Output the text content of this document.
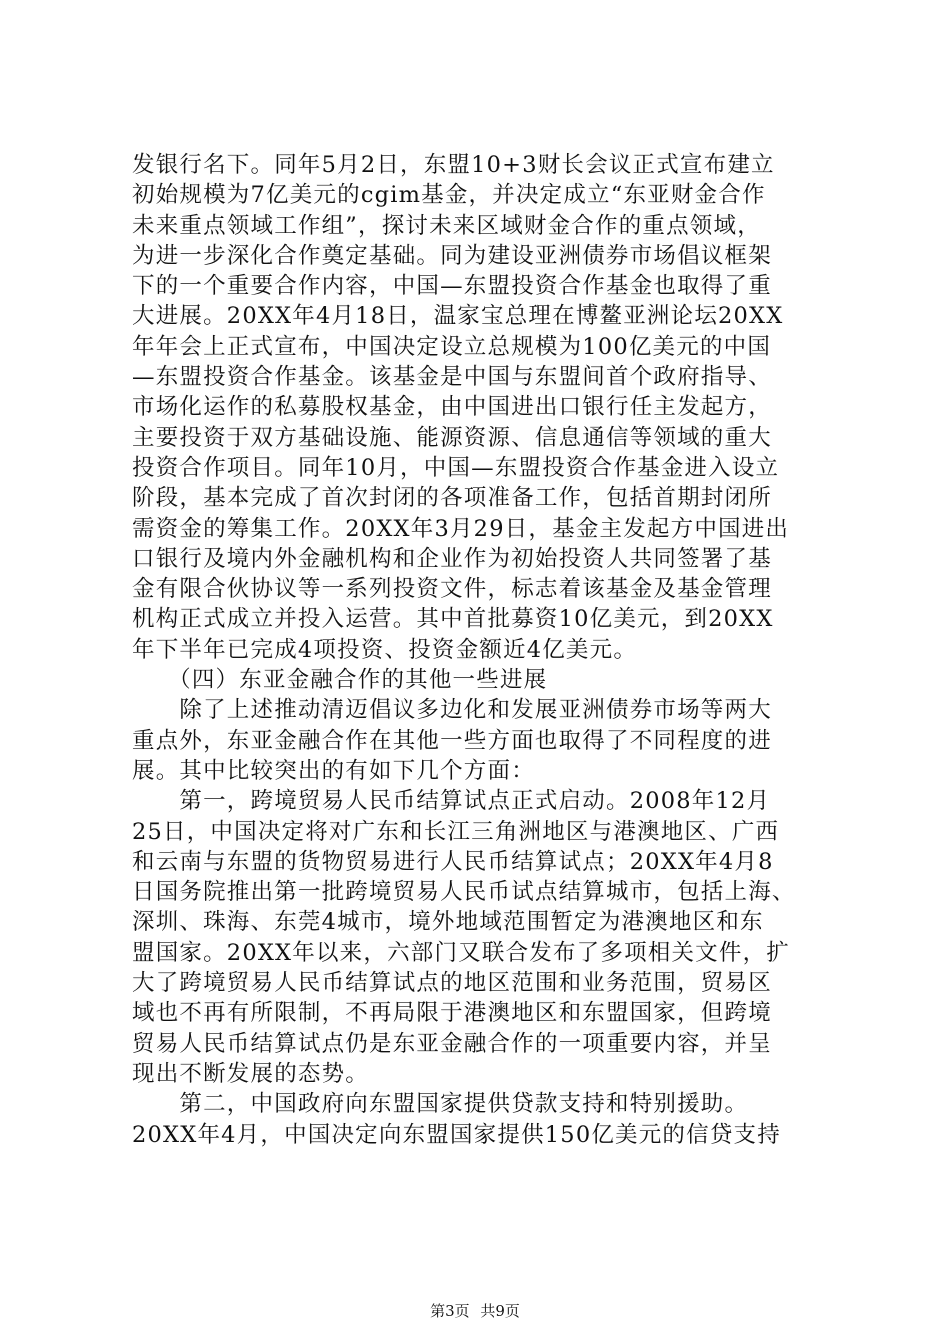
发银行名下。同年5月2日，东盟10+3财长会议正式宣布建立

初始规模为7亿美元的cgim基金，并决定成立“东亚财金合作

未来重点领域工作组”，探讨未来区域财金合作的重点领域，

为进一步深化合作奠定基础。同为建设亚洲债券市场倡议框架

下的一个重要合作内容，中国—东盟投资合作基金也取得了重

大进展。20XX年4月18日，温家宝总理在博鳌亚洲论坛20XX

年年会上正式宣布，中国决定设立总规模为100亿美元的中国

—东盟投资合作基金。该基金是中国与东盟间首个政府指导、

市场化运作的私募股权基金，由中国进出口银行任主发起方，

主要投资于双方基础设施、能源资源、信息通信等领域的重大

投资合作项目。同年10月，中国—东盟投资合作基金进入设立

阶段，基本完成了首次封闭的各项准备工作，包括首期封闭所

需资金的筹集工作。20XX年3月29日，基金主发起方中国进出

口银行及境内外金融机构和企业作为初始投资人共同签署了基

金有限合伙协议等一系列投资文件，标志着该基金及基金管理

机构正式成立并投入运营。其中首批募资10亿美元，到20XX

年下半年已完成4项投资、投资金额近4亿美元。

　　（四）东亚金融合作的其他一些进展

　　除了上述推动清迈倡议多边化和发展亚洲债券市场等两大

重点外，东亚金融合作在其他一些方面也取得了不同程度的进

展。其中比较突出的有如下几个方面：

　　第一，跨境贸易人民币结算试点正式启动。2008年12月

25日，中国决定将对广东和长江三角洲地区与港澳地区、广西

和云南与东盟的货物贸易进行人民币结算试点；20XX年4月8

日国务院推出第一批跨境贸易人民币试点结算城市，包括上海、

深圳、珠海、东莞4城市，境外地域范围暂定为港澳地区和东

盟国家。20XX年以来，六部门又联合发布了多项相关文件，扩

大了跨境贸易人民币结算试点的地区范围和业务范围，贸易区

域也不再有所限制，不再局限于港澳地区和东盟国家，但跨境

贸易人民币结算试点仍是东亚金融合作的一项重要内容，并呈

现出不断发展的态势。

　　第二，中国政府向东盟国家提供贷款支持和特别援助。

20XX年4月，中国决定向东盟国家提供150亿美元的信贷支持

第3页 共9页
